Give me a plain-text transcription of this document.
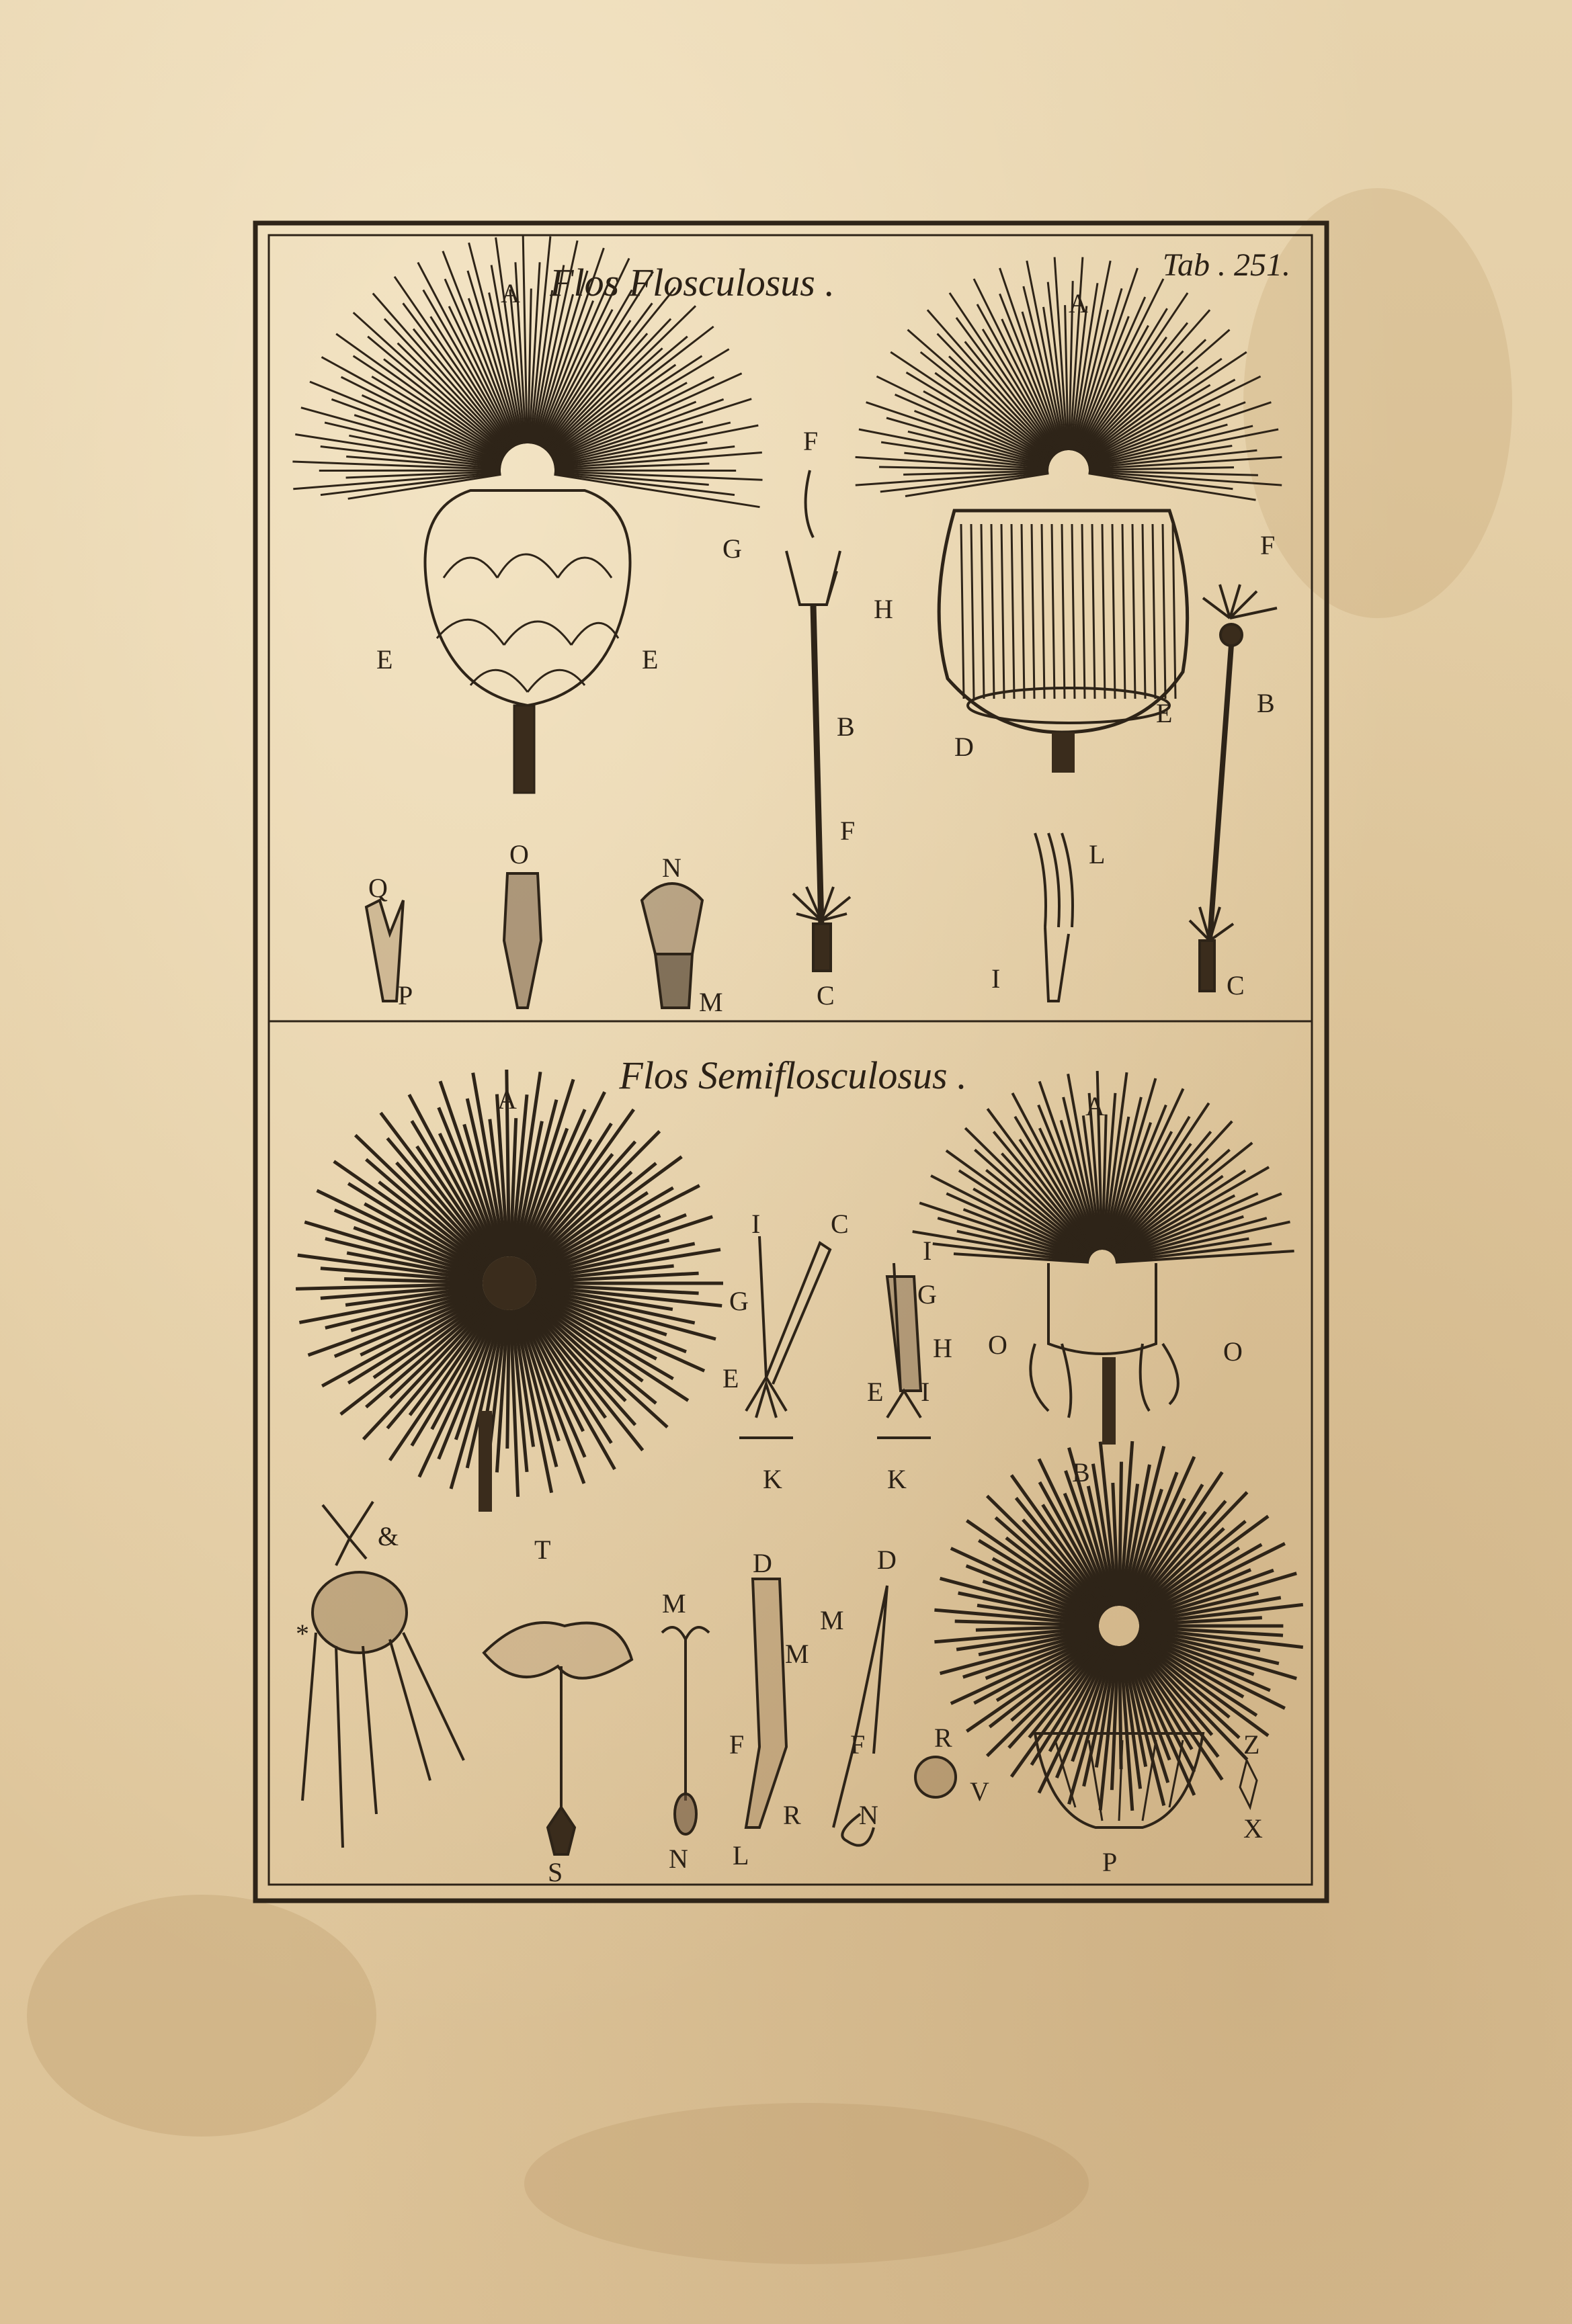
Flos Flosculosus .	Tab . 251.
Flos Semiflosculosus .
A
E	E
F
G
H
B
F
C
A
F
D
E	B
Q
P
O	N
M
L
I	C
A
I	C
G
E
K
I
G
H
E I
K
A
O	O
B
&
*
T
S
M
N
D
M
F
L
D
M
F
R N
R
V
P
Z
X
